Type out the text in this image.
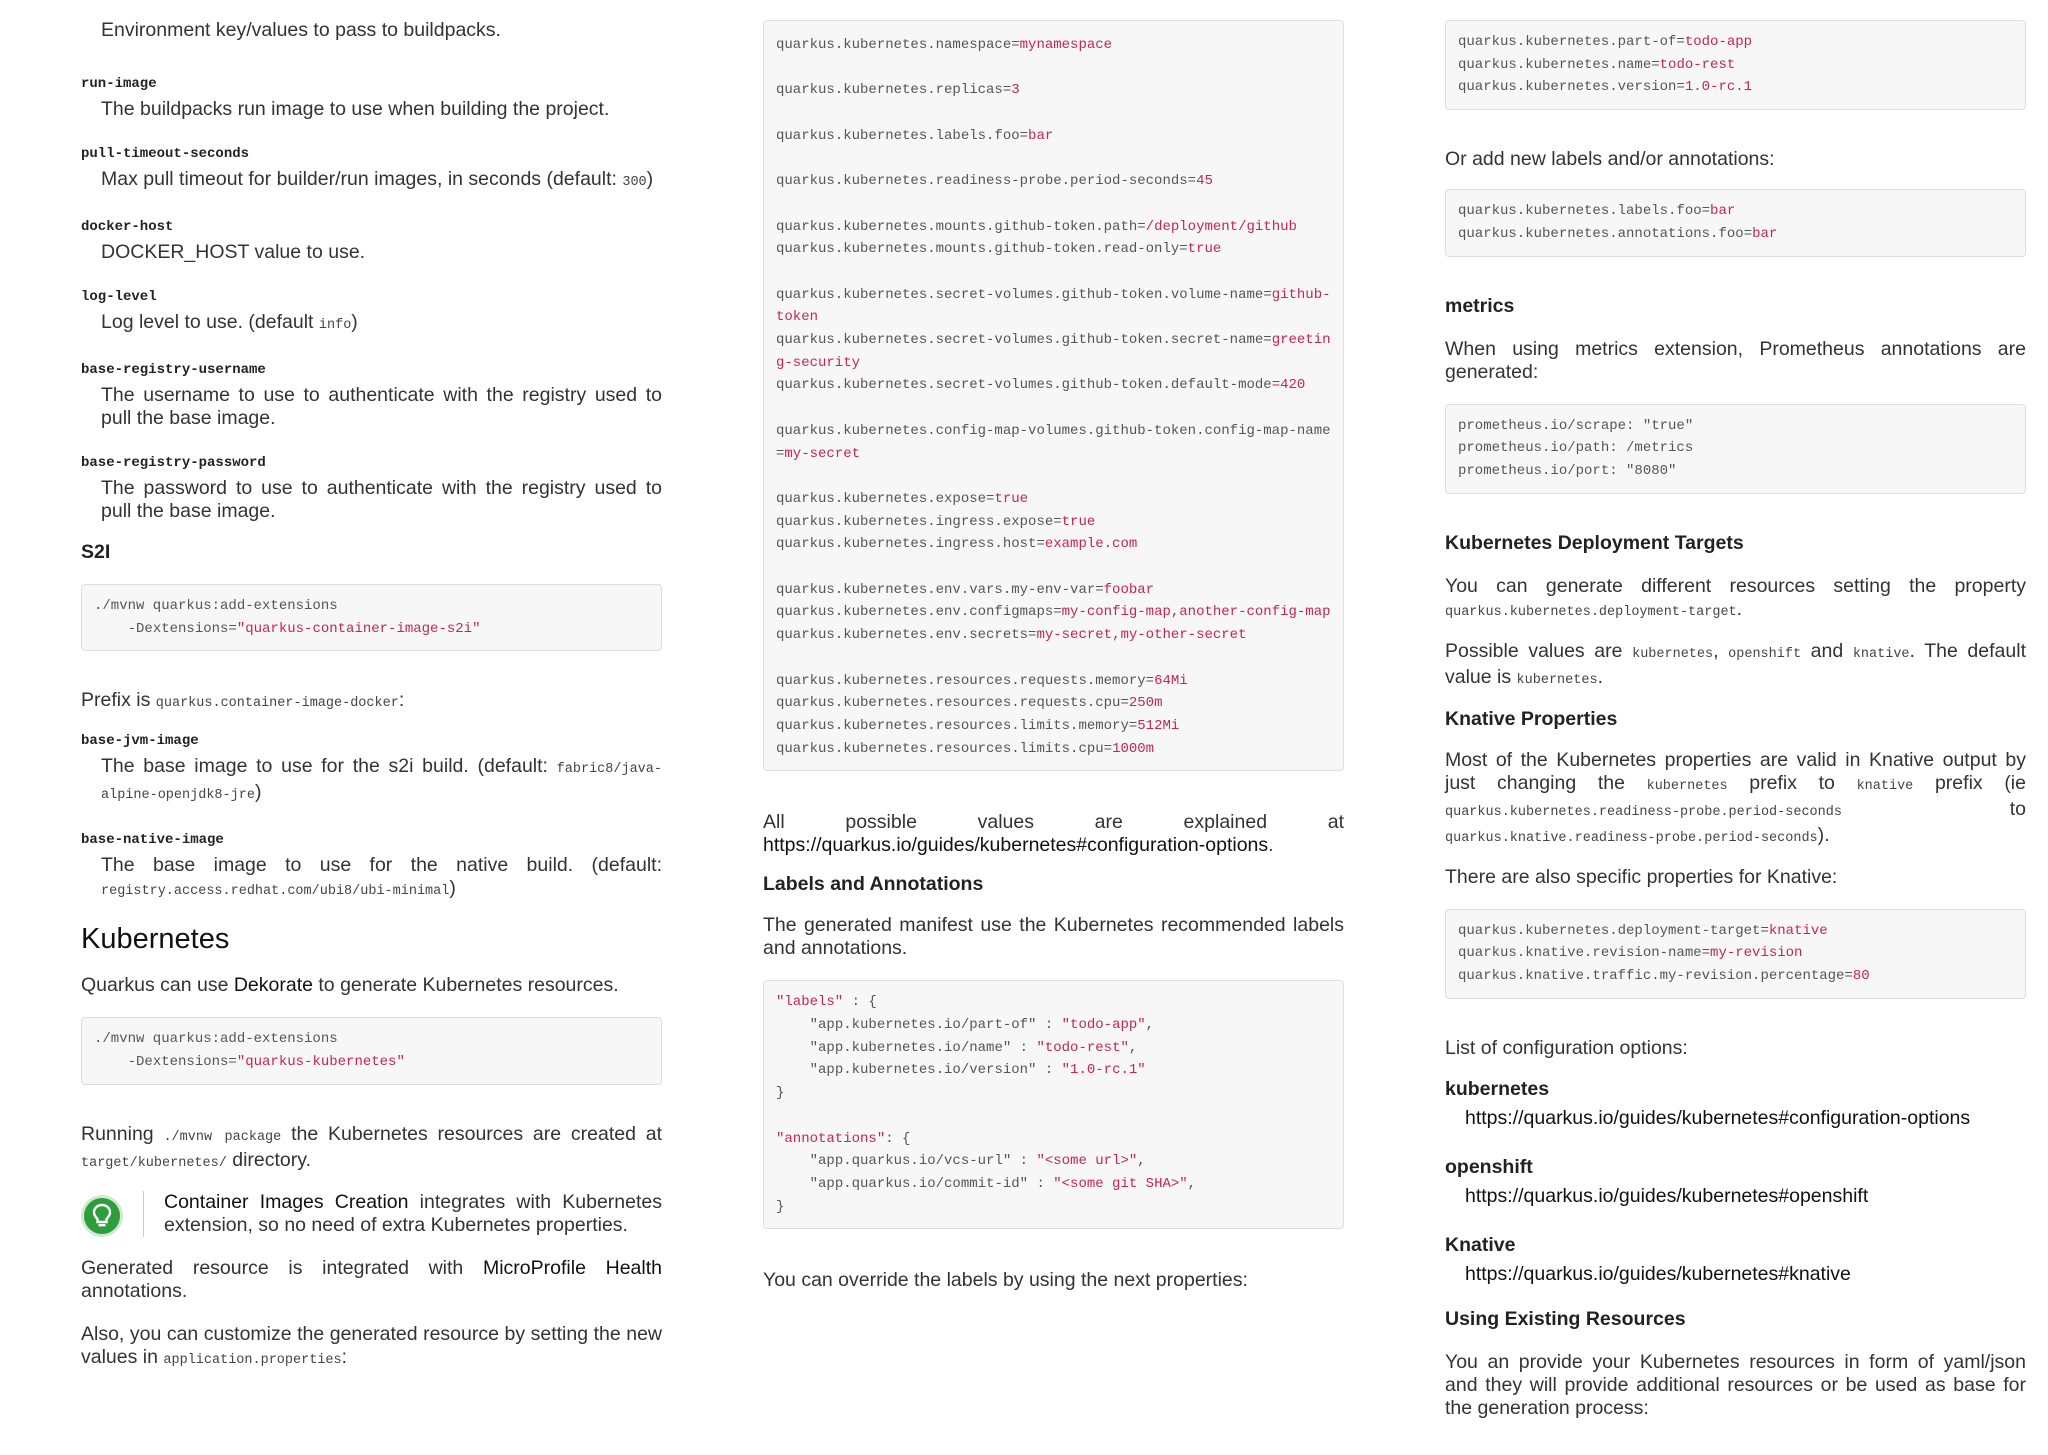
Environment key/values to pass to buildpacks.

run-image
The buildpacks run image to use when building the project.
pull-timeout-seconds
Max pull timeout for builder/run images, in seconds (default: 300)
docker-host
DOCKER_HOST value to use.
log-level
Log level to use. (default info)
base-registry-username
The username to use to authenticate with the registry used to pull the base image.
base-registry-password
The password to use to authenticate with the registry used to pull the base image.
S2I
./mvnw quarkus:add-extensions
-Dextensions="quarkus-container-image-s2i"

Prefix is quarkus.container-image-docker:

base-jvm-image
The base image to use for the s2i build. (default: fabric8/java-alpine-openjdk8-jre)
base-native-image
The base image to use for the native build. (default: registry.access.redhat.com/ubi8/ubi-minimal)
Kubernetes

Quarkus can use Dekorate to generate Kubernetes resources.

./mvnw quarkus:add-extensions
-Dextensions="quarkus-kubernetes"

Running ./mvnw package the Kubernetes resources are created at target/kubernetes/ directory.

Container Images Creation integrates with Kubernetes extension, so no need of extra Kubernetes properties.

Generated resource is integrated with MicroProfile Health annotations.

Also, you can customize the generated resource by setting the new values in application.properties:

quarkus.kubernetes.namespace=mynamespace
quarkus.kubernetes.replicas=3
quarkus.kubernetes.labels.foo=bar
quarkus.kubernetes.readiness-probe.period-seconds=45
quarkus.kubernetes.mounts.github-token.path=/deployment/github
quarkus.kubernetes.mounts.github-token.read-only=true
quarkus.kubernetes.secret-volumes.github-token.volume-name=github-token
quarkus.kubernetes.secret-volumes.github-token.secret-name=greeting-security
quarkus.kubernetes.secret-volumes.github-token.default-mode=420
quarkus.kubernetes.config-map-volumes.github-token.config-map-name=my-secret
quarkus.kubernetes.expose=true
quarkus.kubernetes.ingress.expose=true
quarkus.kubernetes.ingress.host=example.com
quarkus.kubernetes.env.vars.my-env-var=foobar
quarkus.kubernetes.env.configmaps=my-config-map,another-config-map
quarkus.kubernetes.env.secrets=my-secret,my-other-secret
quarkus.kubernetes.resources.requests.memory=64Mi
quarkus.kubernetes.resources.requests.cpu=250m
quarkus.kubernetes.resources.limits.memory=512Mi
quarkus.kubernetes.resources.limits.cpu=1000m

All possible values are explained at https://quarkus.io/guides/kubernetes#configuration-options.

Labels and Annotations

The generated manifest use the Kubernetes recommended labels and annotations.

"labels" : {
"app.kubernetes.io/part-of" : "todo-app",
"app.kubernetes.io/name" : "todo-rest",
"app.kubernetes.io/version" : "1.0-rc.1"
}
"annotations": {
"app.quarkus.io/vcs-url" : "<some url>",
"app.quarkus.io/commit-id" : "<some git SHA>",
}

You can override the labels by using the next properties:

quarkus.kubernetes.part-of=todo-app
quarkus.kubernetes.name=todo-rest
quarkus.kubernetes.version=1.0-rc.1

Or add new labels and/or annotations:

quarkus.kubernetes.labels.foo=bar
quarkus.kubernetes.annotations.foo=bar
metrics

When using metrics extension, Prometheus annotations are generated:

prometheus.io/scrape: "true"
prometheus.io/path: /metrics
prometheus.io/port: "8080"
Kubernetes Deployment Targets

You can generate different resources setting the property quarkus.kubernetes.deployment-target.

Possible values are kubernetes, openshift and knative. The default value is kubernetes.

Knative Properties

Most of the Kubernetes properties are valid in Knative output by just changing the kubernetes prefix to knative prefix (ie quarkus.kubernetes.readiness-probe.period-seconds to quarkus.knative.readiness-probe.period-seconds).

There are also specific properties for Knative:

quarkus.kubernetes.deployment-target=knative
quarkus.knative.revision-name=my-revision
quarkus.knative.traffic.my-revision.percentage=80

List of configuration options:

kubernetes
https://quarkus.io/guides/kubernetes#configuration-options
openshift
https://quarkus.io/guides/kubernetes#openshift
Knative
https://quarkus.io/guides/kubernetes#knative
Using Existing Resources

You an provide your Kubernetes resources in form of yaml/json and they will provide additional resources or be used as base for the generation process:
